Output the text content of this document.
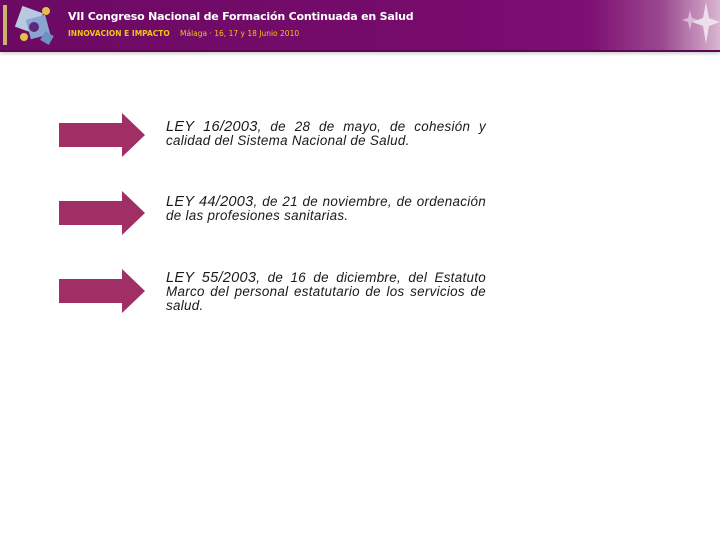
VII Congreso Nacional de Formación Continuada en Salud
INNOVACION E IMPACTO Málaga · 16, 17 y 18 Junio 2010
LEY 16/2003, de 28 de mayo, de cohesión y calidad del Sistema Nacional de Salud.
LEY 44/2003, de 21 de noviembre, de ordenación de las profesiones sanitarias.
LEY 55/2003, de 16 de diciembre, del Estatuto Marco del personal estatutario de los servicios de salud.
